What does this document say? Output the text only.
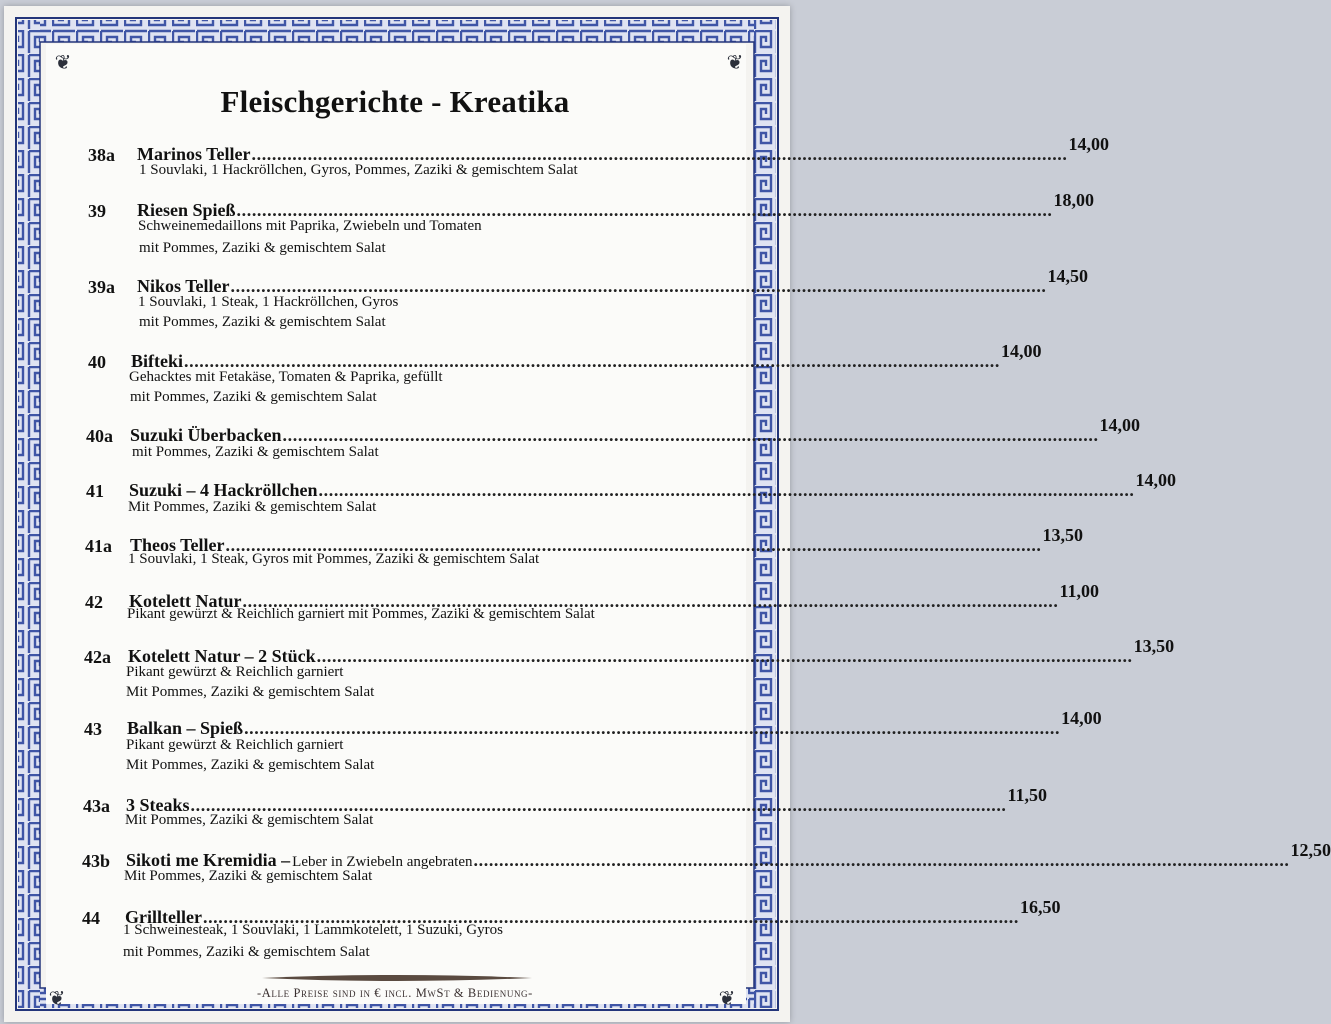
❦	❦
❦	❦
Fleischgerichte - Kreatika
38a Marinos Teller ................................................................................................................................................................ 14,00
1 Souvlaki, 1 Hackröllchen, Gyros, Pommes, Zaziki & gemischtem Salat
39 Riesen Spieß ................................................................................................................................................................ 18,00
Schweinemedaillons mit Paprika, Zwiebeln und Tomaten
mit Pommes, Zaziki & gemischtem Salat
39a Nikos Teller ................................................................................................................................................................ 14,50
1 Souvlaki, 1 Steak, 1 Hackröllchen, Gyros
mit Pommes, Zaziki & gemischtem Salat
40 Bifteki ................................................................................................................................................................ 14,00
Gehacktes mit Fetakäse, Tomaten & Paprika, gefüllt
mit Pommes, Zaziki & gemischtem Salat
40a Suzuki Überbacken ................................................................................................................................................................ 14,00
mit Pommes, Zaziki & gemischtem Salat
41 Suzuki – 4 Hackröllchen ................................................................................................................................................................ 14,00
Mit Pommes, Zaziki & gemischtem Salat
41a Theos Teller ................................................................................................................................................................ 13,50
1 Souvlaki, 1 Steak, Gyros mit Pommes, Zaziki & gemischtem Salat
42 Kotelett Natur ................................................................................................................................................................ 11,00
Pikant gewürzt & Reichlich garniert mit Pommes, Zaziki & gemischtem Salat
42a Kotelett Natur – 2 Stück ................................................................................................................................................................ 13,50
Pikant gewürzt & Reichlich garniert
Mit Pommes, Zaziki & gemischtem Salat
43 Balkan – Spieß ................................................................................................................................................................ 14,00
Pikant gewürzt & Reichlich garniert
Mit Pommes, Zaziki & gemischtem Salat
43a 3 Steaks ................................................................................................................................................................ 11,50
Mit Pommes, Zaziki & gemischtem Salat
43b Sikoti me Kremidia – Leber in Zwiebeln angebraten ................................................................................................................................................................ 12,50
Mit Pommes, Zaziki & gemischtem Salat
44 Grillteller ................................................................................................................................................................ 16,50
1 Schweinesteak, 1 Souvlaki, 1 Lammkotelett, 1 Suzuki, Gyros
mit Pommes, Zaziki & gemischtem Salat
-Alle Preise sind in € incl. MwSt & Bedienung-
